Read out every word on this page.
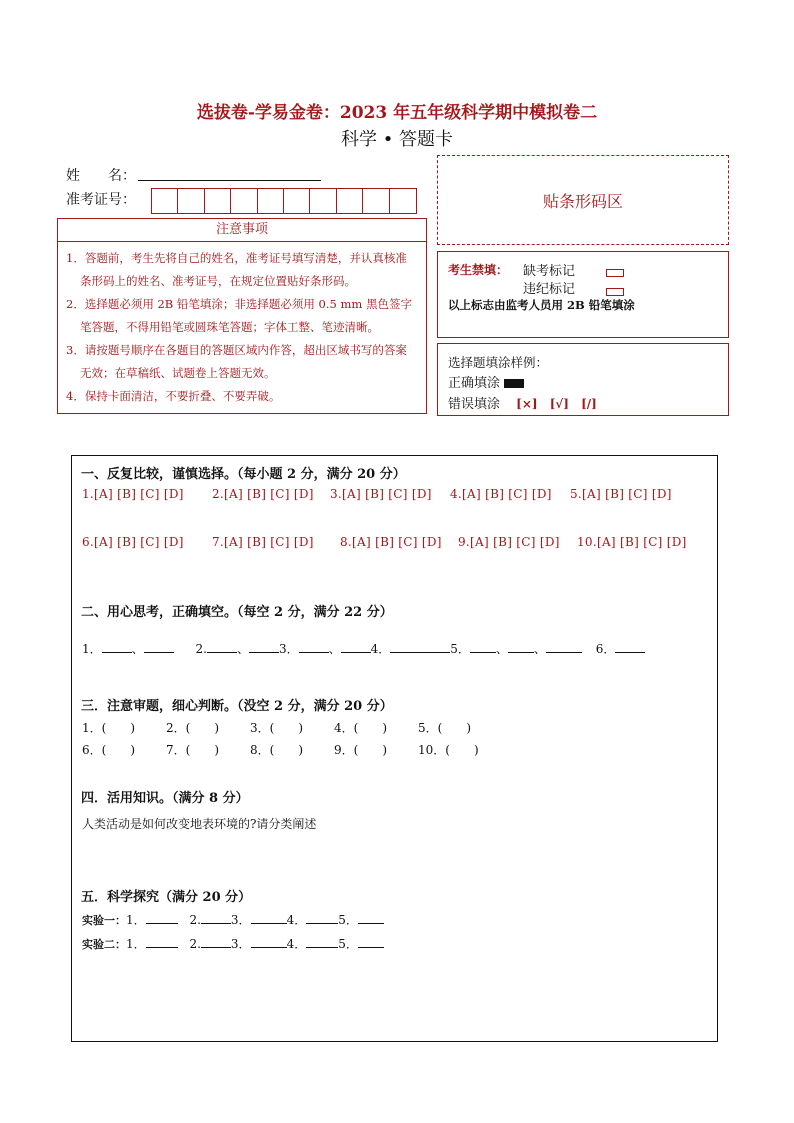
选拔卷-学易金卷：2023 年五年级科学期中模拟卷二
科学 • 答题卡
姓　　名：
准考证号：	贴条形码区
注意事项
1．答题前，考生先将自己的姓名，准考证号填写清楚，并认真核准条形码上的姓名、准考证号，在规定位置贴好条形码。
2．选择题必须用 2B 铅笔填涂；非选择题必须用 0.5 mm 黑色签字笔答题，不得用铅笔或圆珠笔答题；字体工整、笔迹清晰。
3．请按题号顺序在各题目的答题区域内作答，超出区域书写的答案无效；在草稿纸、试题卷上答题无效。
4．保持卡面清洁，不要折叠、不要弄破。
考生禁填： 缺考标记
违纪标记
以上标志由监考人员用 2B 铅笔填涂
选择题填涂样例：
正确填涂
错误填涂 [×] [√] [/]
一、反复比较，谨慎选择。（每小题 2 分，满分 20 分）
1.[A] [B] [C] [D] 2.[A] [B] [C] [D] 3.[A] [B] [C] [D] 4.[A] [B] [C] [D] 5.[A] [B] [C] [D]
6.[A] [B] [C] [D] 7.[A] [B] [C] [D] 8.[A] [B] [C] [D] 9.[A] [B] [C] [D] 10.[A] [B] [C] [D]
二、用心思考，正确填空。（每空 2 分，满分 22 分）
1．	、	2.	、	3．	、	4．	5． 、 、	6．
三．注意审题，细心判断。（没空 2 分，满分 20 分）
1．(　　)	2．(　　)	3．(　　)	4．(　　)	5．(　　)
6．(　　)	7．(　　)	8．(　　)	9．(　　)	10．(　　)
四．活用知识。（满分 8 分）
人类活动是如何改变地表环境的?请分类阐述
五．科学探究（满分 20 分）
实验一：1．	2.	3．	4．	5．
实验二：1．	2.	3．	4．	5．
